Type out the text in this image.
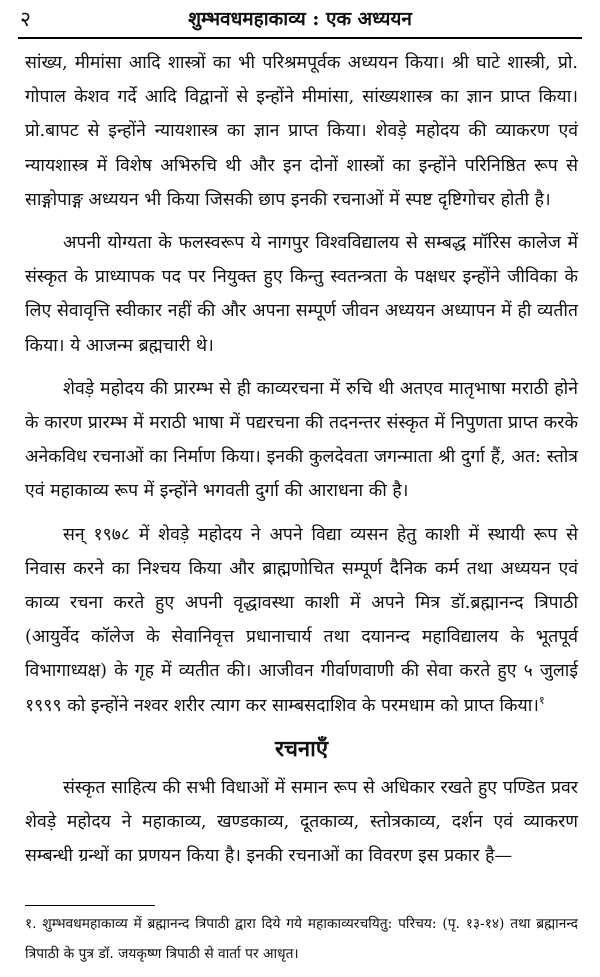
२	शुम्भवधमहाकाव्य : एक अध्ययन

सांख्य, मीमांसा आदि शास्त्रों का भी परिश्रमपूर्वक अध्ययन किया। श्री घाटे शास्त्री, प्रो. गोपाल केशव गर्दे आदि विद्वानों से इन्होंने मीमांसा, सांख्यशास्त्र का ज्ञान प्राप्त किया। प्रो.बापट से इन्होंने न्यायशास्त्र का ज्ञान प्राप्त किया। शेवड़े महोदय की व्याकरण एवं न्यायशास्त्र में विशेष अभिरुचि थी और इन दोनों शास्त्रों का इन्होंने परिनिष्ठित रूप से साङ्गोपाङ्ग अध्ययन भी किया जिसकी छाप इनकी रचनाओं में स्पष्ट दृष्टिगोचर होती है।

अपनी योग्यता के फलस्वरूप ये नागपुर विश्वविद्यालय से सम्बद्ध मॉरिस कालेज में संस्कृत के प्राध्यापक पद पर नियुक्त हुए किन्तु स्वतन्त्रता के पक्षधर इन्होंने जीविका के लिए सेवावृत्ति स्वीकार नहीं की और अपना सम्पूर्ण जीवन अध्ययन अध्यापन में ही व्यतीत किया। ये आजन्म ब्रह्मचारी थे।

शेवड़े महोदय की प्रारम्भ से ही काव्यरचना में रुचि थी अतएव मातृभाषा मराठी होने के कारण प्रारम्भ में मराठी भाषा में पद्यरचना की तदनन्तर संस्कृत में निपुणता प्राप्त करके अनेकविध रचनाओं का निर्माण किया। इनकी कुलदेवता जगन्माता श्री दुर्गा हैं, अत: स्तोत्र एवं महाकाव्य रूप में इन्होंने भगवती दुर्गा की आराधना की है।

सन् १९७८ में शेवड़े महोदय ने अपने विद्या व्यसन हेतु काशी में स्थायी रूप से निवास करने का निश्चय किया और ब्राह्मणोचित सम्पूर्ण दैनिक कर्म तथा अध्ययन एवं काव्य रचना करते हुए अपनी वृद्धावस्था काशी में अपने मित्र डॉ.ब्रह्मानन्द त्रिपाठी (आयुर्वेद कॉलेज के सेवानिवृत्त प्रधानाचार्य तथा दयानन्द महाविद्यालय के भूतपूर्व विभागाध्यक्ष) के गृह में व्यतीत की। आजीवन गीर्वाणवाणी की सेवा करते हुए ५ जुलाई १९९९ को इन्होंने नश्वर शरीर त्याग कर साम्बसदाशिव के परमधाम को प्राप्त किया।$^१$

रचनाएँ

संस्कृत साहित्य की सभी विधाओं में समान रूप से अधिकार रखते हुए पण्डित प्रवर शेवड़े महोदय ने महाकाव्य, खण्डकाव्य, दूतकाव्य, स्तोत्रकाव्य, दर्शन एवं व्याकरण सम्बन्धी ग्रन्थों का प्रणयन किया है। इनकी रचनाओं का विवरण इस प्रकार है—

१. शुम्भवधमहाकाव्य में ब्रह्मानन्द त्रिपाठी द्वारा दिये गये महाकाव्यरचयितु: परिचय: (पृ. १३-१४) तथा ब्रह्मानन्द त्रिपाठी के पुत्र डॉ. जयकृष्ण त्रिपाठी से वार्ता पर आधृत।
